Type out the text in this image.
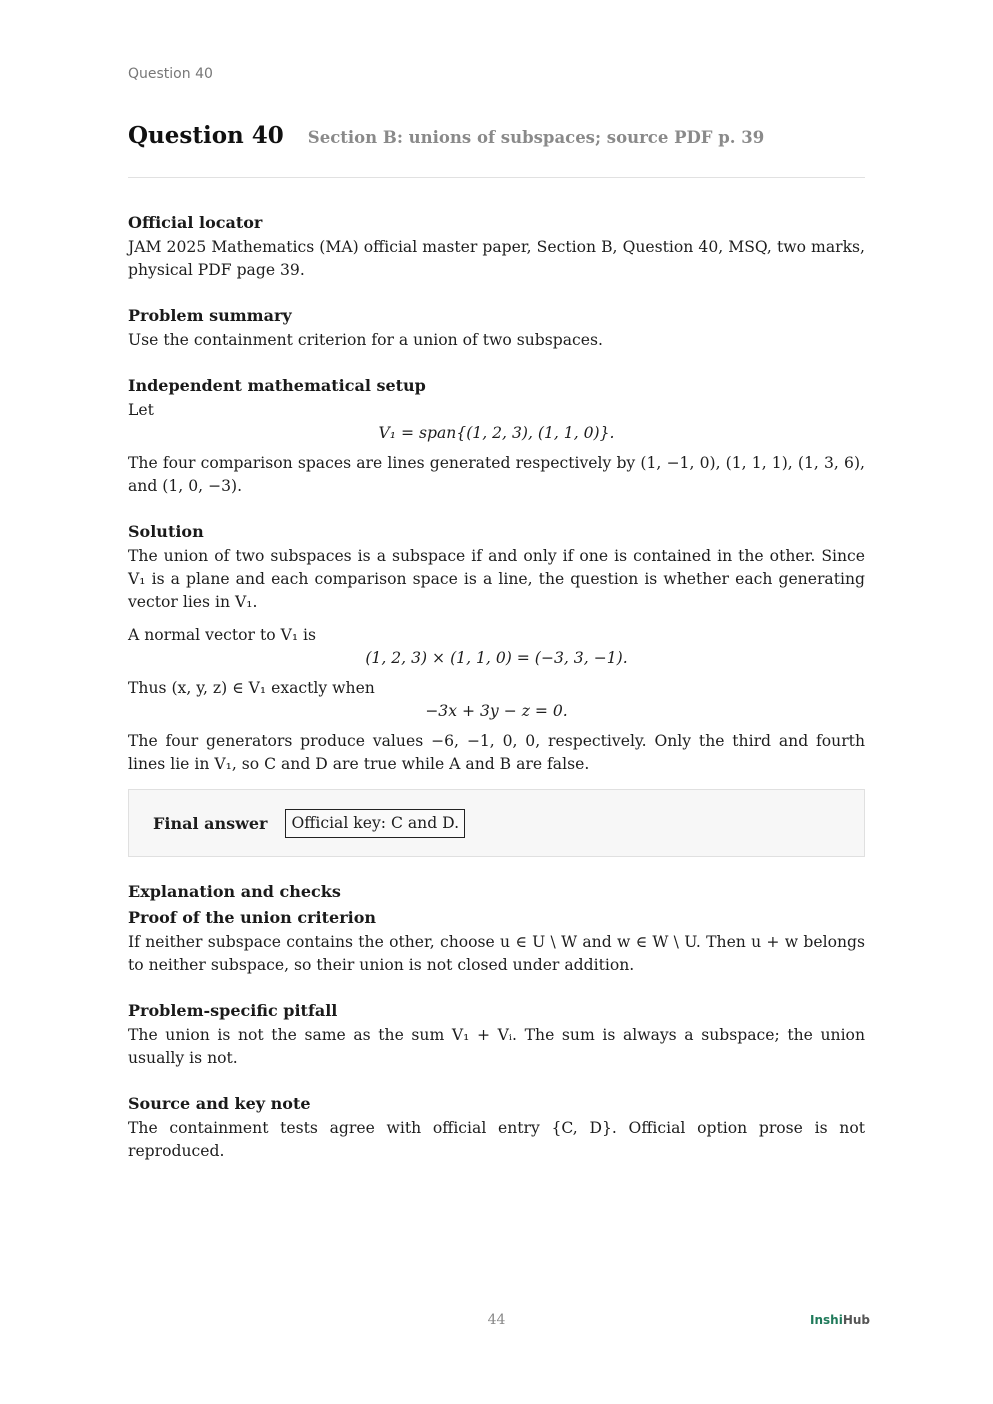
Question 40
Question 40 Section B: unions of subspaces; source PDF p. 39
Official locator

JAM 2025 Mathematics (MA) official master paper, Section B, Question 40, MSQ, two marks, physical PDF page 39.

Problem summary

Use the containment criterion for a union of two subspaces.

Independent mathematical setup

Let

V₁ = span{(1, 2, 3), (1, 1, 0)}.

The four comparison spaces are lines generated respectively by (1, −1, 0), (1, 1, 1), (1, 3, 6), and (1, 0, −3).

Solution

The union of two subspaces is a subspace if and only if one is contained in the other. Since V₁ is a plane and each comparison space is a line, the question is whether each generating vector lies in V₁.

A normal vector to V₁ is

(1, 2, 3) × (1, 1, 0) = (−3, 3, −1).

Thus (x, y, z) ∈ V₁ exactly when

−3x + 3y − z = 0.

The four generators produce values −6, −1, 0, 0, respectively. Only the third and fourth lines lie in V₁, so C and D are true while A and B are false.

Final answer	Official key: C and D.
Explanation and checks
Proof of the union criterion

If neither subspace contains the other, choose u ∈ U \ W and w ∈ W \ U. Then u + w belongs to neither subspace, so their union is not closed under addition.

Problem-specific pitfall

The union is not the same as the sum V₁ + Vᵢ. The sum is always a subspace; the union usually is not.

Source and key note

The containment tests agree with official entry {C, D}. Official option prose is not reproduced.

44	InshiHub
